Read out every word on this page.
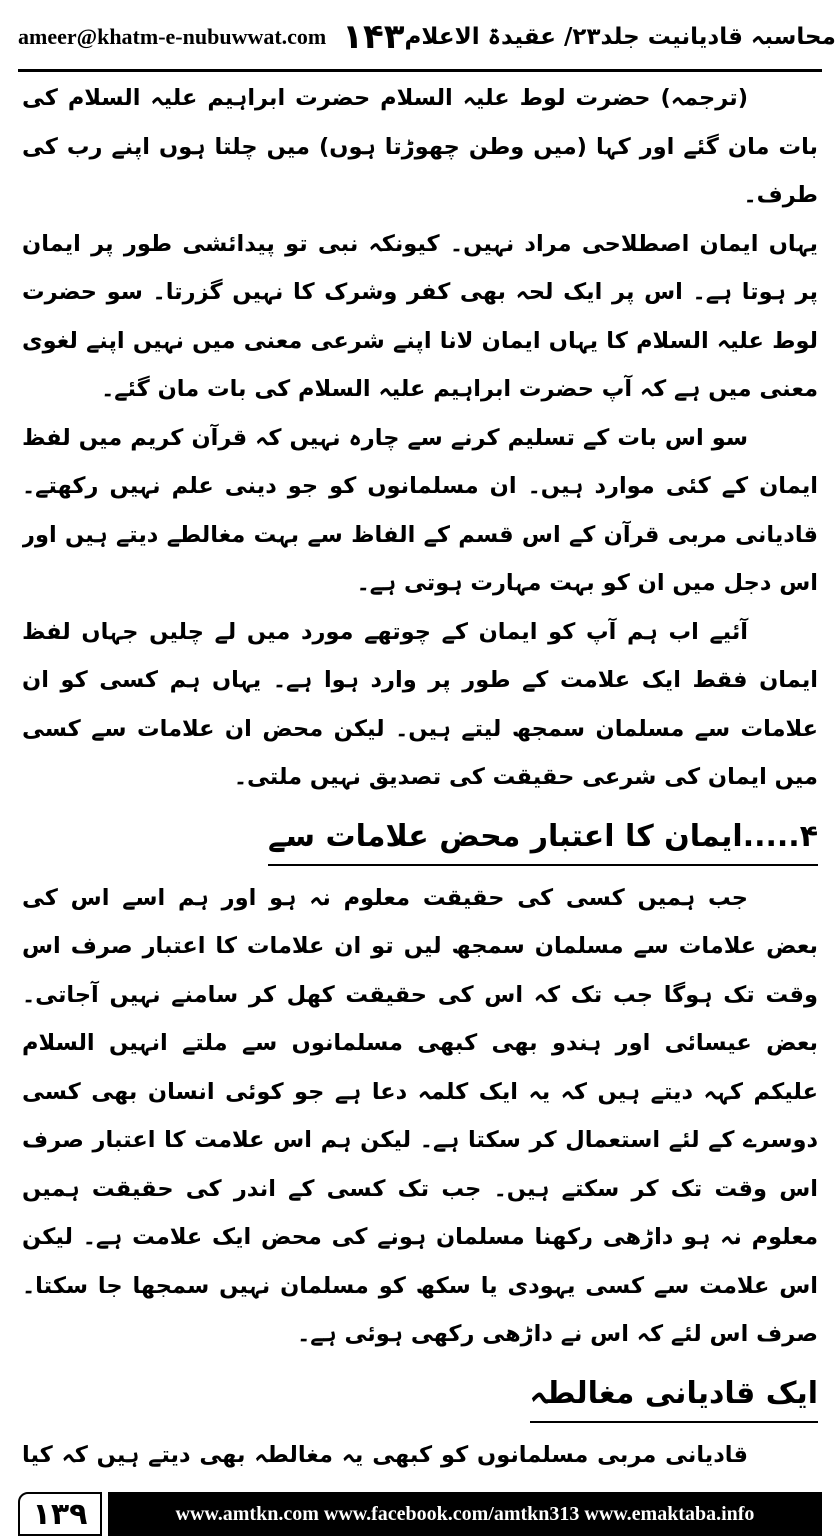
ameer@khatm-e-nubuwwat.com ۱۴۳ محاسبہ قادیانیت جلد۲۳/ عقیدۃ الاعلام

(ترجمہ) حضرت لوط علیہ السلام حضرت ابراہیم علیہ السلام کی بات مان گئے اور کہا (میں وطن چھوڑتا ہوں) میں چلتا ہوں اپنے رب کی طرف۔

یہاں ایمان اصطلاحی مراد نہیں۔ کیونکہ نبی تو پیدائشی طور پر ایمان پر ہوتا ہے۔ اس پر ایک لحہ بھی کفر وشرک کا نہیں گزرتا۔ سو حضرت لوط علیہ السلام کا یہاں ایمان لانا اپنے شرعی معنی میں نہیں اپنے لغوی معنی میں ہے کہ آپ حضرت ابراہیم علیہ السلام کی بات مان گئے۔

سو اس بات کے تسلیم کرنے سے چارہ نہیں کہ قرآن کریم میں لفظ ایمان کے کئی موارد ہیں۔ ان مسلمانوں کو جو دینی علم نہیں رکھتے۔ قادیانی مربی قرآن کے اس قسم کے الفاظ سے بہت مغالطے دیتے ہیں اور اس دجل میں ان کو بہت مہارت ہوتی ہے۔

آئیے اب ہم آپ کو ایمان کے چوتھے مورد میں لے چلیں جہاں لفظ ایمان فقط ایک علامت کے طور پر وارد ہوا ہے۔ یہاں ہم کسی کو ان علامات سے مسلمان سمجھ لیتے ہیں۔ لیکن محض ان علامات سے کسی میں ایمان کی شرعی حقیقت کی تصدیق نہیں ملتی۔

۴.....ایمان کا اعتبار محض علامات سے

جب ہمیں کسی کی حقیقت معلوم نہ ہو اور ہم اسے اس کی بعض علامات سے مسلمان سمجھ لیں تو ان علامات کا اعتبار صرف اس وقت تک ہوگا جب تک کہ اس کی حقیقت کھل کر سامنے نہیں آجاتی۔ بعض عیسائی اور ہندو بھی کبھی مسلمانوں سے ملتے انہیں السلام علیکم کہہ دیتے ہیں کہ یہ ایک کلمہ دعا ہے جو کوئی انسان بھی کسی دوسرے کے لئے استعمال کر سکتا ہے۔ لیکن ہم اس علامت کا اعتبار صرف اس وقت تک کر سکتے ہیں۔ جب تک کسی کے اندر کی حقیقت ہمیں معلوم نہ ہو داڑھی رکھنا مسلمان ہونے کی محض ایک علامت ہے۔ لیکن اس علامت سے کسی یہودی یا سکھ کو مسلمان نہیں سمجھا جا سکتا۔ صرف اس لئے کہ اس نے داڑھی رکھی ہوئی ہے۔

ایک قادیانی مغالطہ

قادیانی مربی مسلمانوں کو کبھی یہ مغالطہ بھی دیتے ہیں کہ کیا

۱۳۹	www.amtkn.com www.facebook.com/amtkn313 www.emaktaba.info
